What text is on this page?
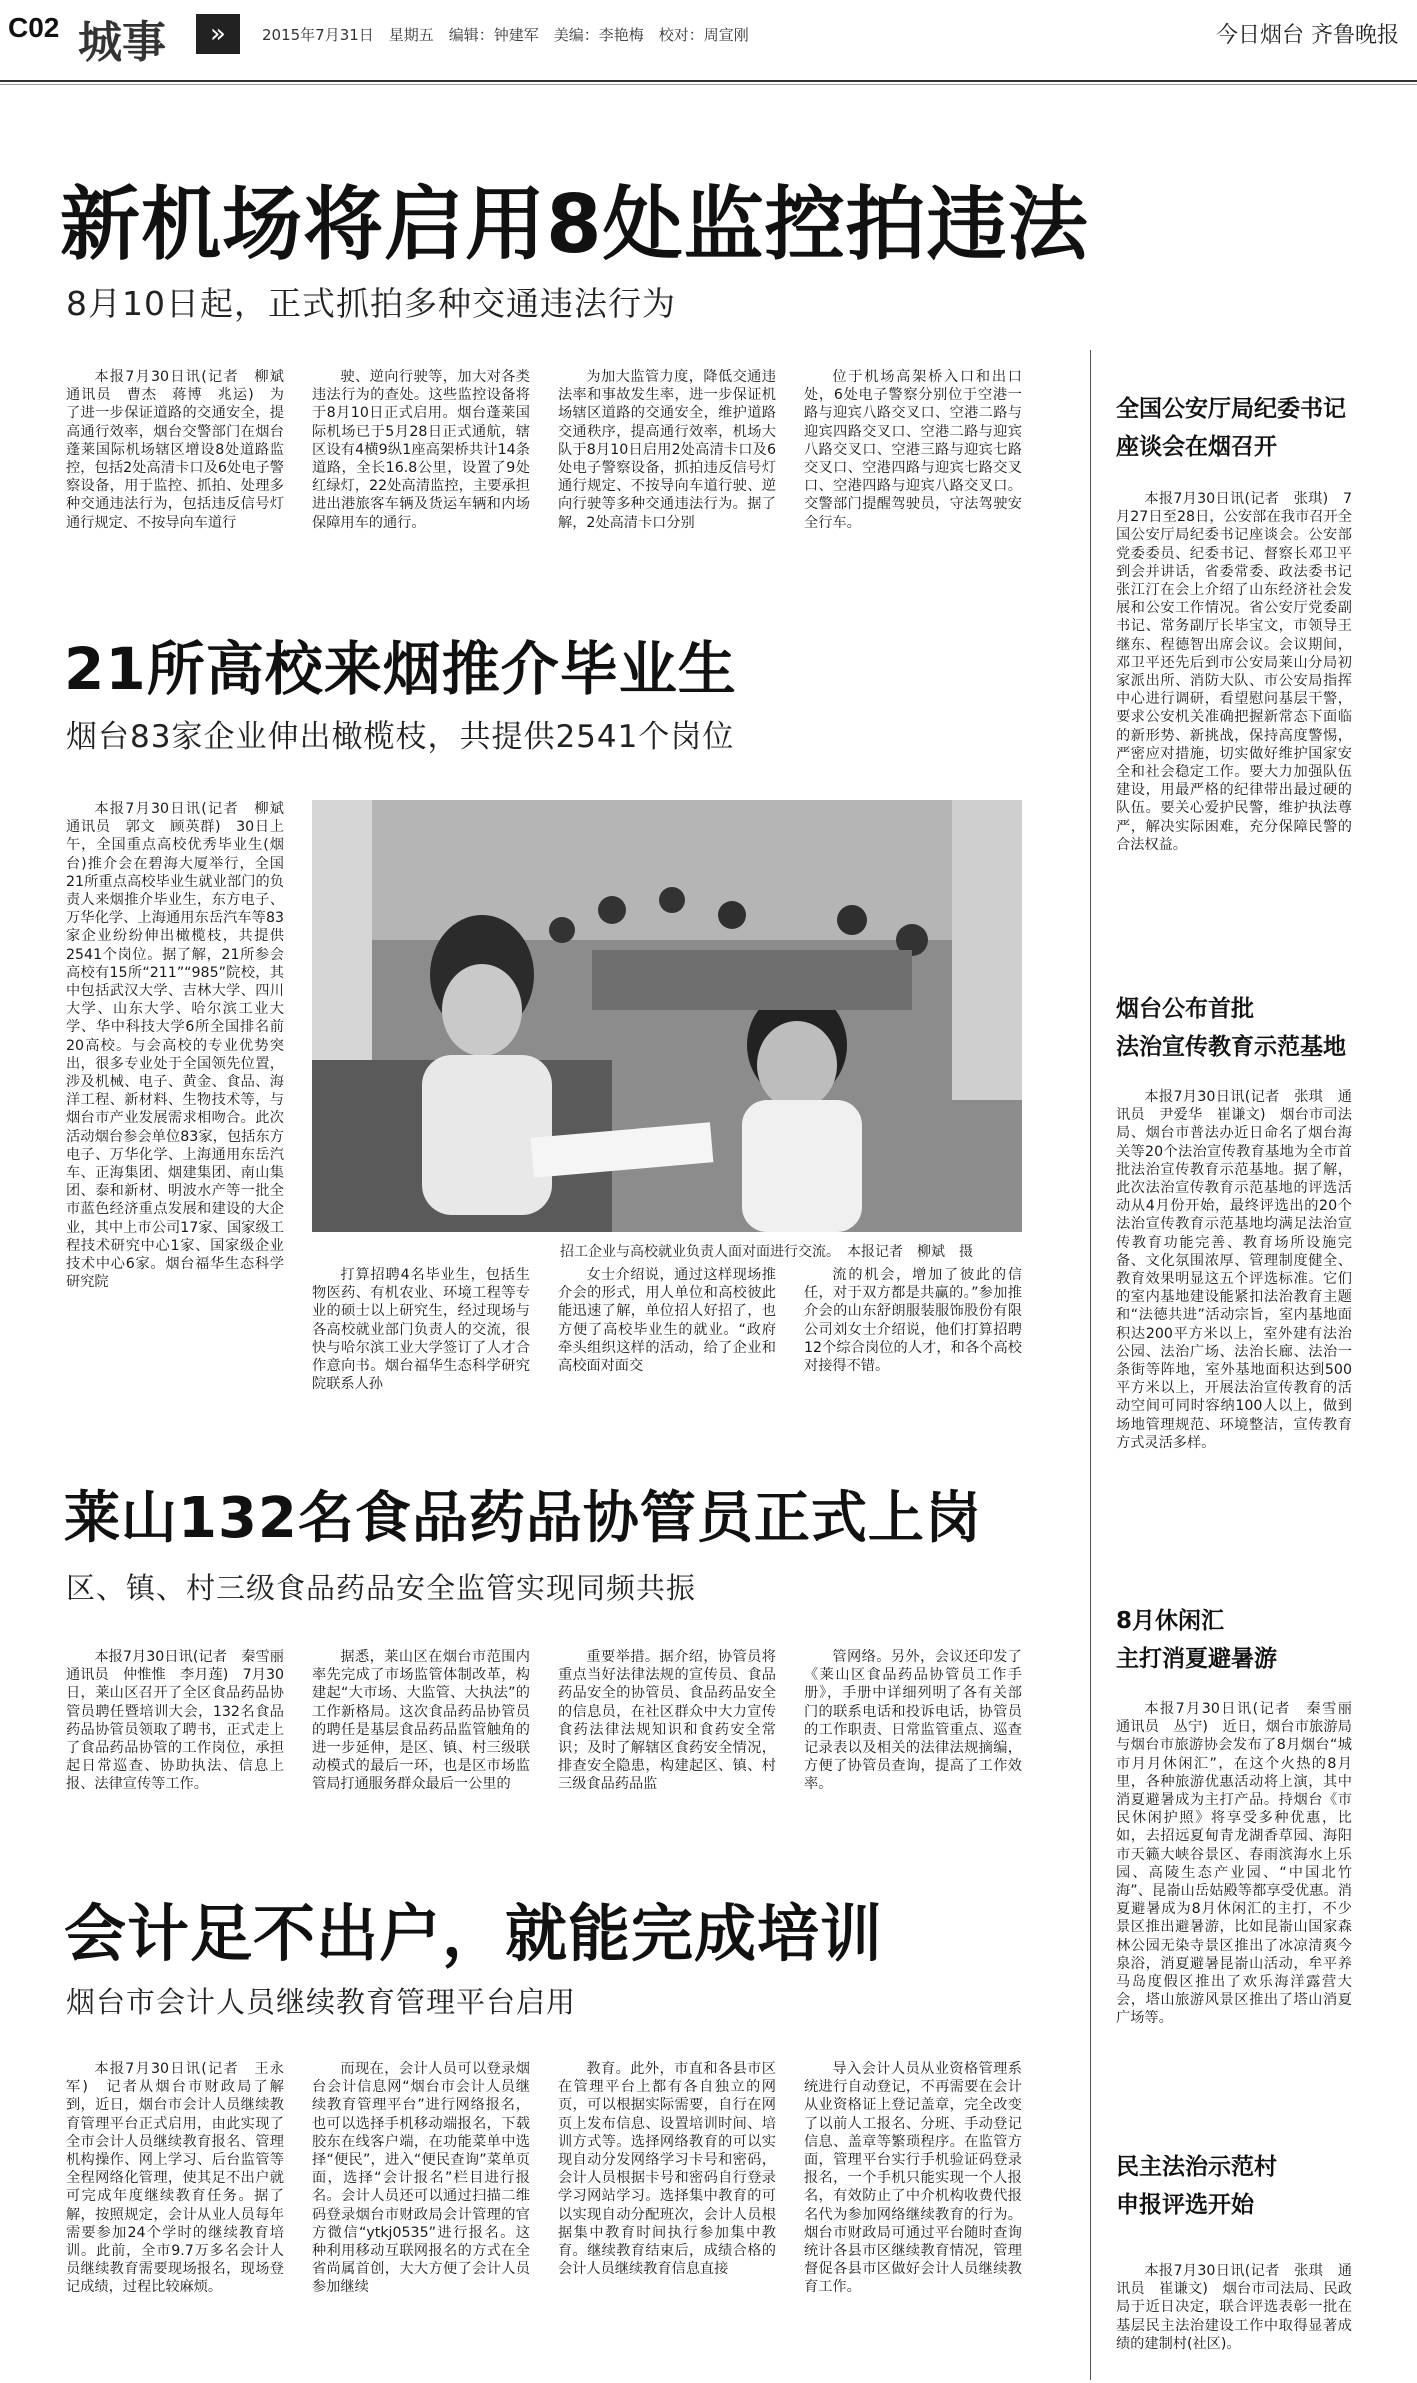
C02 城事	»	2015年7月31日　星期五　编辑：钟建军　美编：李艳梅　校对：周宣刚	今日烟台 齐鲁晚报
新机场将启用8处监控拍违法
8月10日起，正式抓拍多种交通违法行为

本报7月30日讯(记者　柳斌　通讯员　曹杰　蒋博　兆运)　为了进一步保证道路的交通安全，提高通行效率，烟台交警部门在烟台蓬莱国际机场辖区增设8处道路监控，包括2处高清卡口及6处电子警察设备，用于监控、抓拍、处理多种交通违法行为，包括违反信号灯通行规定、不按导向车道行

驶、逆向行驶等，加大对各类违法行为的查处。这些监控设备将于8月10日正式启用。烟台蓬莱国际机场已于5月28日正式通航，辖区设有4横9纵1座高架桥共计14条道路，全长16.8公里，设置了9处红绿灯，22处高清监控，主要承担进出港旅客车辆及货运车辆和内场保障用车的通行。

为加大监管力度，降低交通违法率和事故发生率，进一步保证机场辖区道路的交通安全，维护道路交通秩序，提高通行效率，机场大队于8月10日启用2处高清卡口及6处电子警察设备，抓拍违反信号灯通行规定、不按导向车道行驶、逆向行驶等多种交通违法行为。据了解，2处高清卡口分别

位于机场高架桥入口和出口处，6处电子警察分别位于空港一路与迎宾八路交叉口、空港二路与迎宾四路交叉口、空港二路与迎宾八路交叉口、空港三路与迎宾七路交叉口、空港四路与迎宾七路交叉口、空港四路与迎宾八路交叉口。交警部门提醒驾驶员，守法驾驶安全行车。

21所高校来烟推介毕业生
烟台83家企业伸出橄榄枝，共提供2541个岗位

本报7月30日讯(记者　柳斌　通讯员　郭文　顾英群)　30日上午，全国重点高校优秀毕业生(烟台)推介会在碧海大厦举行，全国21所重点高校毕业生就业部门的负责人来烟推介毕业生，东方电子、万华化学、上海通用东岳汽车等83家企业纷纷伸出橄榄枝，共提供2541个岗位。据了解，21所参会高校有15所“211”“985”院校，其中包括武汉大学、吉林大学、四川大学、山东大学、哈尔滨工业大学、华中科技大学6所全国排名前20高校。与会高校的专业优势突出，很多专业处于全国领先位置，涉及机械、电子、黄金、食品、海洋工程、新材料、生物技术等，与烟台市产业发展需求相吻合。此次活动烟台参会单位83家，包括东方电子、万华化学、上海通用东岳汽车、正海集团、烟建集团、南山集团、泰和新材、明波水产等一批全市蓝色经济重点发展和建设的大企业，其中上市公司17家、国家级工程技术研究中心1家、国家级企业技术中心6家。烟台福华生态科学研究院

招工企业与高校就业负责人面对面进行交流。　本报记者　柳斌　摄

打算招聘4名毕业生，包括生物医药、有机农业、环境工程等专业的硕士以上研究生，经过现场与各高校就业部门负责人的交流，很快与哈尔滨工业大学签订了人才合作意向书。烟台福华生态科学研究院联系人孙

女士介绍说，通过这样现场推介会的形式，用人单位和高校彼此能迅速了解，单位招人好招了，也方便了高校毕业生的就业。“政府牵头组织这样的活动，给了企业和高校面对面交

流的机会，增加了彼此的信任，对于双方都是共赢的。”参加推介会的山东舒朗服装服饰股份有限公司刘女士介绍说，他们打算招聘12个综合岗位的人才，和各个高校对接得不错。

莱山132名食品药品协管员正式上岗
区、镇、村三级食品药品安全监管实现同频共振

本报7月30日讯(记者　秦雪丽　通讯员　仲惟惟　李月莲)　7月30日，莱山区召开了全区食品药品协管员聘任暨培训大会，132名食品药品协管员领取了聘书，正式走上了食品药品协管的工作岗位，承担起日常巡查、协助执法、信息上报、法律宣传等工作。

据悉，莱山区在烟台市范围内率先完成了市场监管体制改革，构建起“大市场、大监管、大执法”的工作新格局。这次食品药品协管员的聘任是基层食品药品监管触角的进一步延伸，是区、镇、村三级联动模式的最后一环，也是区市场监管局打通服务群众最后一公里的

重要举措。据介绍，协管员将重点当好法律法规的宣传员、食品药品安全的协管员、食品药品安全的信息员，在社区群众中大力宣传食药法律法规知识和食药安全常识；及时了解辖区食药安全情况，排查安全隐患，构建起区、镇、村三级食品药品监

管网络。另外，会议还印发了《莱山区食品药品协管员工作手册》，手册中详细列明了各有关部门的联系电话和投诉电话，协管员的工作职责、日常监管重点、巡查记录表以及相关的法律法规摘编，方便了协管员查询，提高了工作效率。

会计足不出户，就能完成培训
烟台市会计人员继续教育管理平台启用

本报7月30日讯(记者　王永军)　记者从烟台市财政局了解到，近日，烟台市会计人员继续教育管理平台正式启用，由此实现了全市会计人员继续教育报名、管理机构操作、网上学习、后台监管等全程网络化管理，使其足不出户就可完成年度继续教育任务。据了解，按照规定，会计从业人员每年需要参加24个学时的继续教育培训。此前，全市9.7万多名会计人员继续教育需要现场报名，现场登记成绩，过程比较麻烦。

而现在，会计人员可以登录烟台会计信息网“烟台市会计人员继续教育管理平台”进行网络报名，也可以选择手机移动端报名，下载胶东在线客户端，在功能菜单中选择“便民”，进入“便民查询”菜单页面，选择“会计报名”栏目进行报名。会计人员还可以通过扫描二维码登录烟台市财政局会计管理的官方微信“ytkj0535”进行报名。这种利用移动互联网报名的方式在全省尚属首创，大大方便了会计人员参加继续

教育。此外，市直和各县市区在管理平台上都有各自独立的网页，可以根据实际需要，自行在网页上发布信息、设置培训时间、培训方式等。选择网络教育的可以实现自动分发网络学习卡号和密码，会计人员根据卡号和密码自行登录学习网站学习。选择集中教育的可以实现自动分配班次，会计人员根据集中教育时间执行参加集中教育。继续教育结束后，成绩合格的会计人员继续教育信息直接

导入会计人员从业资格管理系统进行自动登记，不再需要在会计从业资格证上登记盖章，完全改变了以前人工报名、分班、手动登记信息、盖章等繁琐程序。在监管方面，管理平台实行手机验证码登录报名，一个手机只能实现一个人报名，有效防止了中介机构收费代报名代为参加网络继续教育的行为。烟台市财政局可通过平台随时查询统计各县市区继续教育情况，管理督促各县市区做好会计人员继续教育工作。

全国公安厅局纪委书记
座谈会在烟召开

本报7月30日讯(记者　张琪)　7月27日至28日，公安部在我市召开全国公安厅局纪委书记座谈会。公安部党委委员、纪委书记、督察长邓卫平到会并讲话，省委常委、政法委书记张江汀在会上介绍了山东经济社会发展和公安工作情况。省公安厅党委副书记、常务副厅长毕宝文，市领导王继东、程德智出席会议。会议期间，邓卫平还先后到市公安局莱山分局初家派出所、消防大队、市公安局指挥中心进行调研，看望慰问基层干警，要求公安机关准确把握新常态下面临的新形势、新挑战，保持高度警惕，严密应对措施，切实做好维护国家安全和社会稳定工作。要大力加强队伍建设，用最严格的纪律带出最过硬的队伍。要关心爱护民警，维护执法尊严，解决实际困难，充分保障民警的合法权益。

烟台公布首批
法治宣传教育示范基地

本报7月30日讯(记者　张琪　通讯员　尹爱华　崔谦文)　烟台市司法局、烟台市普法办近日命名了烟台海关等20个法治宣传教育基地为全市首批法治宣传教育示范基地。据了解，此次法治宣传教育示范基地的评选活动从4月份开始，最终评选出的20个法治宣传教育示范基地均满足法治宣传教育功能完善、教育场所设施完备、文化氛围浓厚、管理制度健全、教育效果明显这五个评选标准。它们的室内基地建设能紧扣法治教育主题和“法德共进”活动宗旨，室内基地面积达200平方米以上，室外建有法治公园、法治广场、法治长廊、法治一条街等阵地，室外基地面积达到500平方米以上，开展法治宣传教育的活动空间可同时容纳100人以上，做到场地管理规范、环境整洁，宣传教育方式灵活多样。

8月休闲汇
主打消夏避暑游

本报7月30日讯(记者　秦雪丽　通讯员　丛宁)　近日，烟台市旅游局与烟台市旅游协会发布了8月烟台“城市月月休闲汇”，在这个火热的8月里，各种旅游优惠活动将上演，其中消夏避暑成为主打产品。持烟台《市民休闲护照》将享受多种优惠，比如，去招远夏甸青龙湖香草园、海阳市天籁大峡谷景区、春雨滨海水上乐园、高陵生态产业园、“中国北竹海”、昆嵛山岳姑殿等都享受优惠。消夏避暑成为8月休闲汇的主打，不少景区推出避暑游，比如昆嵛山国家森林公园无染寺景区推出了冰凉清爽今泉浴，消夏避暑昆嵛山活动，牟平养马岛度假区推出了欢乐海洋露营大会，塔山旅游风景区推出了塔山消夏广场等。

民主法治示范村
申报评选开始

本报7月30日讯(记者　张琪　通讯员　崔谦文)　烟台市司法局、民政局于近日决定，联合评选表彰一批在基层民主法治建设工作中取得显著成绩的建制村(社区)。
